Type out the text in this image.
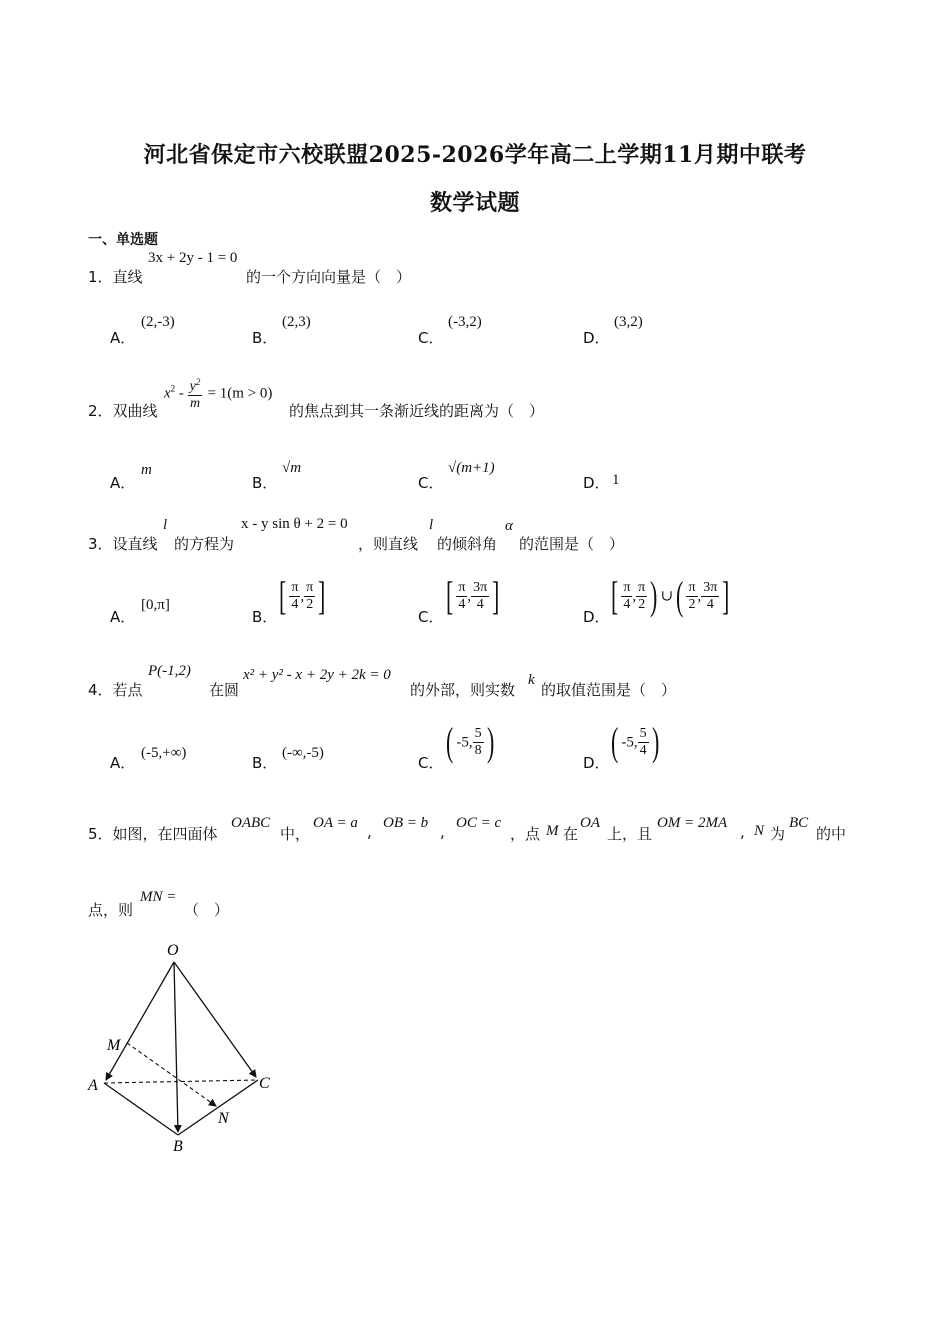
河北省保定市六校联盟2025-2026学年高二上学期11月期中联考
数学试题
一、单选题
1．直线
3x + 2y - 1 = 0
的一个方向向量是（　）
A．
(2,-3)
B．
(2,3)
C．
(-3,2)
D．
(3,2)
2．双曲线
$x^2 - \frac{y^2}{m} = 1(m > 0)$
的焦点到其一条渐近线的距离为（　）
A．
m
B．
√m
C．
√(m+1)
D． 1
3．设直线
l
的方程为
x - y sin θ + 2 = 0
，则直线
l
的倾斜角
α
的范围是（　）
A．
[0,π]
B． [ $\frac{\pi}{4}$ , $\frac{\pi}{2}$ ]	C． [ $\frac{\pi}{4}$ , $\frac{3\pi}{4}$ ]	D． [ $\frac{\pi}{4}$ , $\frac{\pi}{2}$ ) ∪( $\frac{\pi}{2}$ , $\frac{3\pi}{4}$ ]
4．若点
P(-1,2)
在圆
x² + y² - x + 2y + 2k = 0
的外部，则实数
k
的取值范围是（　）
A．
(-5,+∞)
B．
(-∞,-5)
C． ( -5, $\frac{5}{8}$ )	D． ( -5, $\frac{5}{4}$ )
5．如图，在四面体
OABC
中，
OA = a , OB = b , OC = c
，点 M 在
OA
上，且
OM = 2MA , N 为
BC
的中
点，则
MN =
（　）
O
M
A	C
N
B
